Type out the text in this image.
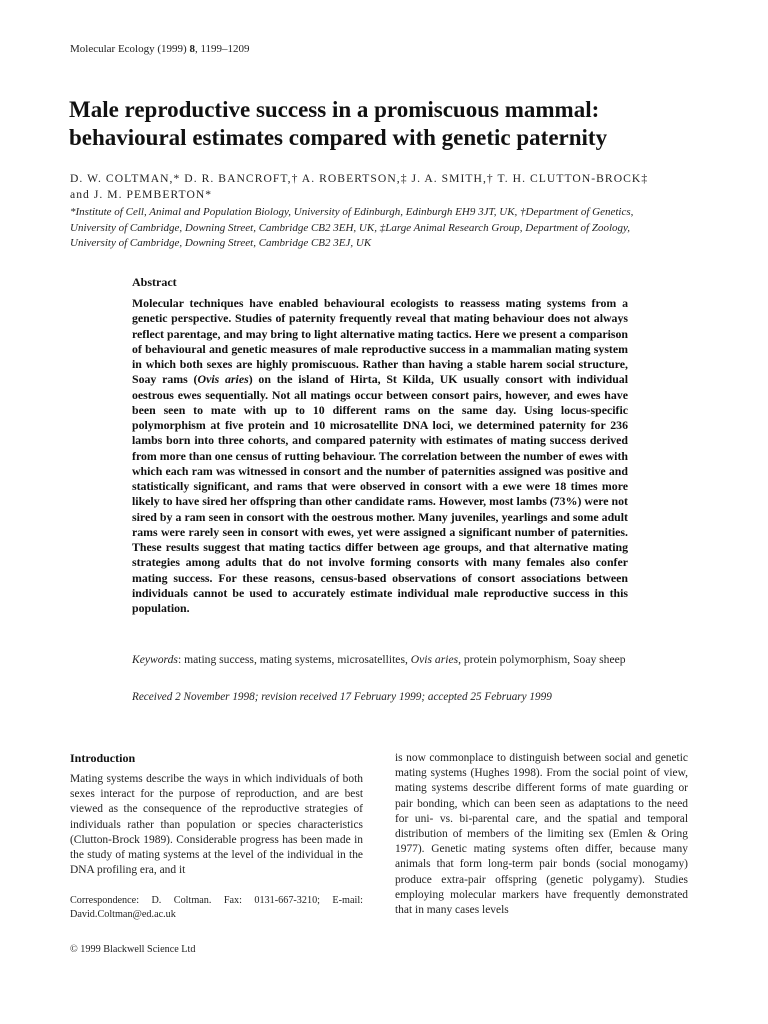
Molecular Ecology (1999) 8, 1199–1209
Male reproductive success in a promiscuous mammal:
behavioural estimates compared with genetic paternity
D. W. COLTMAN,* D. R. BANCROFT,† A. ROBERTSON,‡ J. A. SMITH,† T. H. CLUTTON-BROCK‡
and J. M. PEMBERTON*
*Institute of Cell, Animal and Population Biology, University of Edinburgh, Edinburgh EH9 3JT, UK, †Department of Genetics,
University of Cambridge, Downing Street, Cambridge CB2 3EH, UK, ‡Large Animal Research Group, Department of Zoology,
University of Cambridge, Downing Street, Cambridge CB2 3EJ, UK
Abstract

Molecular techniques have enabled behavioural ecologists to reassess mating systems from a genetic perspective. Studies of paternity frequently reveal that mating behaviour does not always reflect parentage, and may bring to light alternative mating tactics. Here we present a comparison of behavioural and genetic measures of male reproductive success in a mammalian mating system in which both sexes are highly promiscuous. Rather than having a stable harem social structure, Soay rams (Ovis aries) on the island of Hirta, St Kilda, UK usually consort with individual oestrous ewes sequentially. Not all matings occur between consort pairs, however, and ewes have been seen to mate with up to 10 different rams on the same day. Using locus-specific polymorphism at five protein and 10 microsatellite DNA loci, we determined paternity for 236 lambs born into three cohorts, and compared paternity with estimates of mating success derived from more than one census of rutting behaviour. The correlation between the number of ewes with which each ram was witnessed in consort and the number of paternities assigned was positive and statistically significant, and rams that were observed in consort with a ewe were 18 times more likely to have sired her offspring than other candidate rams. However, most lambs (73%) were not sired by a ram seen in consort with the oestrous mother. Many juveniles, yearlings and some adult rams were rarely seen in consort with ewes, yet were assigned a significant number of paternities. These results suggest that mating tactics differ between age groups, and that alternative mating strategies among adults that do not involve forming consorts with many females also confer mating success. For these reasons, census-based observations of consort associations between individuals cannot be used to accurately estimate individual male reproductive success in this population.

Keywords: mating success, mating systems, microsatellites, Ovis aries, protein polymorphism, Soay sheep
Received 2 November 1998; revision received 17 February 1999; accepted 25 February 1999
Introduction

Mating systems describe the ways in which individuals of both sexes interact for the purpose of reproduction, and are best viewed as the consequence of the reproductive strategies of individuals rather than population or species characteristics (Clutton-Brock 1989). Considerable progress has been made in the study of mating systems at the level of the individual in the DNA profiling era, and it

is now commonplace to distinguish between social and genetic mating systems (Hughes 1998). From the social point of view, mating systems describe different forms of mate guarding or pair bonding, which can been seen as adaptations to the need for uni- vs. bi-parental care, and the spatial and temporal distribution of members of the limiting sex (Emlen & Oring 1977). Genetic mating systems often differ, because many animals that form long-term pair bonds (social monogamy) produce extra-pair offspring (genetic polygamy). Studies employing molecular markers have frequently demonstrated that in many cases levels

Correspondence: D. Coltman. Fax: 0131-667-3210; E-mail: David.Coltman@ed.ac.uk
© 1999 Blackwell Science Ltd
